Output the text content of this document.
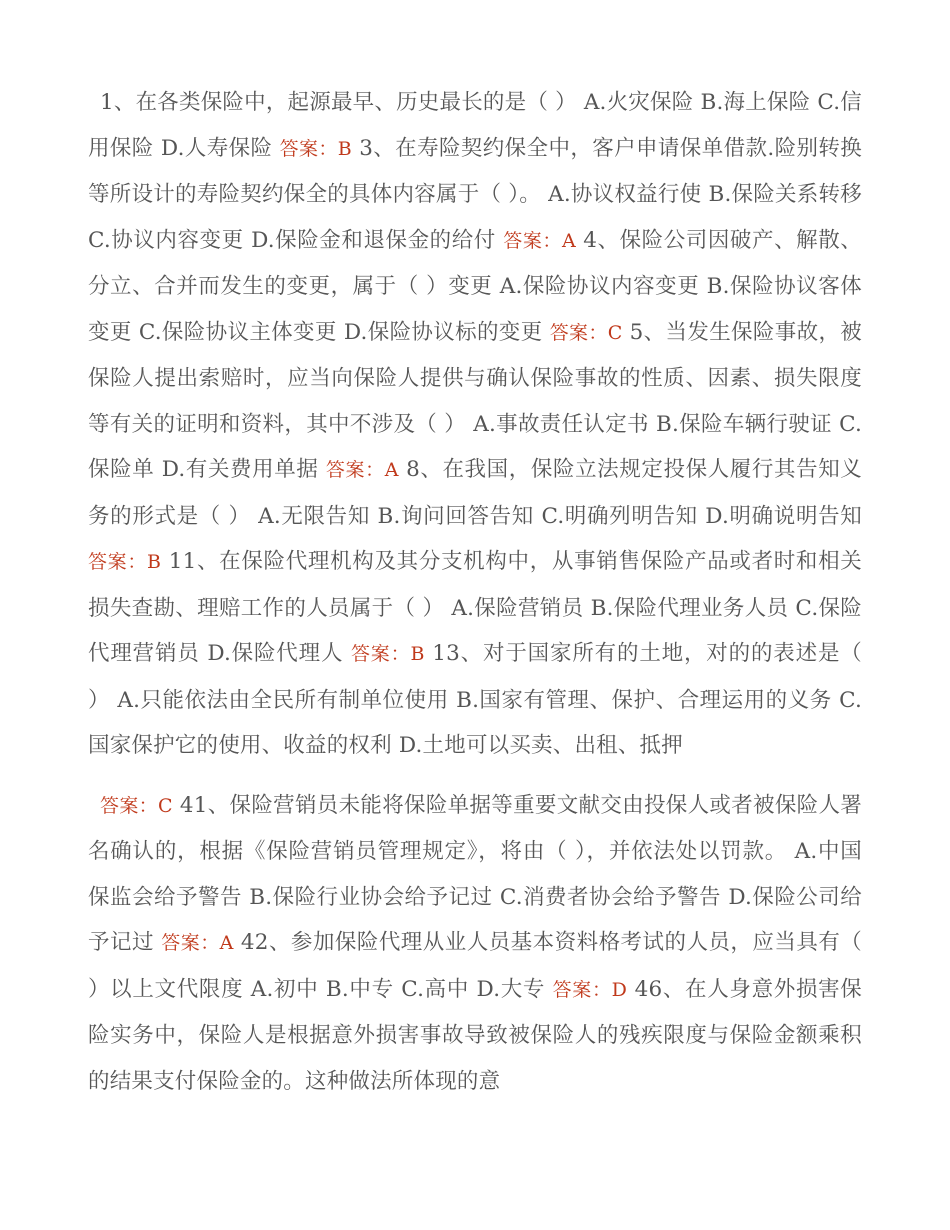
1、在各类保险中，起源最早、历史最长的是（ ） A.火灾保险 B.海上保险 C.信用保险 D.人寿保险 答案：B 3、在寿险契约保全中，客户申请保单借款.险别转换等所设计的寿险契约保全的具体内容属于（ ）。 A.协议权益行使 B.保险关系转移 C.协议内容变更 D.保险金和退保金的给付 答案：A 4、保险公司因破产、解散、分立、合并而发生的变更，属于（ ）变更 A.保险协议内容变更 B.保险协议客体变更 C.保险协议主体变更 D.保险协议标的变更 答案：C 5、当发生保险事故，被保险人提出索赔时，应当向保险人提供与确认保险事故的性质、因素、损失限度等有关的证明和资料，其中不涉及（ ） A.事故责任认定书 B.保险车辆行驶证 C.保险单 D.有关费用单据 答案：A 8、在我国，保险立法规定投保人履行其告知义务的形式是（ ） A.无限告知 B.询问回答告知 C.明确列明告知 D.明确说明告知 答案：B 11、在保险代理机构及其分支机构中，从事销售保险产品或者时和相关损失查勘、理赔工作的人员属于（ ） A.保险营销员 B.保险代理业务人员 C.保险代理营销员 D.保险代理人 答案：B 13、对于国家所有的土地，对的的表述是（ ） A.只能依法由全民所有制单位使用 B.国家有管理、保护、合理运用的义务 C.国家保护它的使用、收益的权利 D.土地可以买卖、出租、抵押

答案：C 41、保险营销员未能将保险单据等重要文献交由投保人或者被保险人署名确认的，根据《保险营销员管理规定》，将由（ ），并依法处以罚款。 A.中国保监会给予警告 B.保险行业协会给予记过 C.消费者协会给予警告 D.保险公司给予记过 答案：A 42、参加保险代理从业人员基本资料格考试的人员，应当具有（ ）以上文代限度 A.初中 B.中专 C.高中 D.大专 答案：D 46、在人身意外损害保险实务中，保险人是根据意外损害事故导致被保险人的残疾限度与保险金额乘积的结果支付保险金的。这种做法所体现的意
